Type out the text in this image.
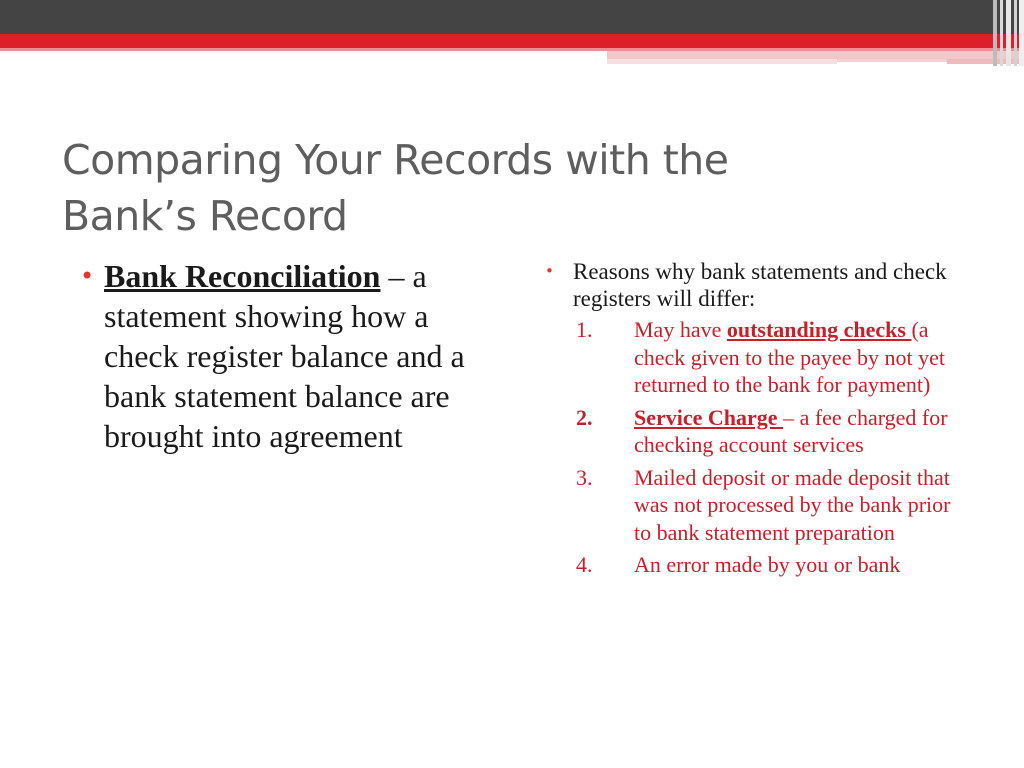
Comparing Your Records with the
Bank’s Record
• Bank Reconciliation – a statement showing how a check register balance and a bank statement balance are brought into agreement
• Reasons why bank statements and check registers will differ:
1. May have outstanding checks (a check given to the payee by not yet returned to the bank for payment)
2. Service Charge – a fee charged for checking account services
3. Mailed deposit or made deposit that was not processed by the bank prior to bank statement preparation
4. An error made by you or bank
